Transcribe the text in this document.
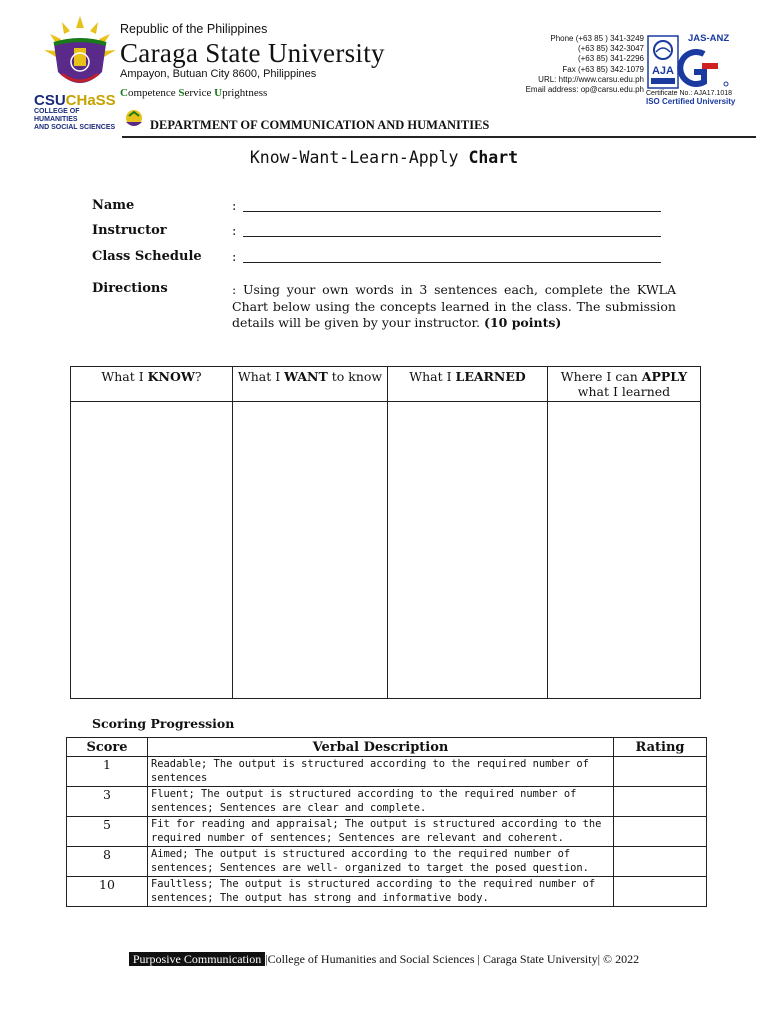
CSUCHaSS
COLLEGE OF HUMANITIES
AND SOCIAL SCIENCES
Republic of the Philippines
Caraga State University
Ampayon, Butuan City 8600, Philippines
Competence Service Uprightness
DEPARTMENT OF COMMUNICATION AND HUMANITIES
Phone (+63 85 ) 341-3249
(+63 85) 342-3047
(+63 85) 341-2296
Fax (+63 85) 342-1079
URL: http://www.carsu.edu.ph
Email address: op@carsu.edu.ph
AJA
JAS-ANZ
Certificate No.: AJA17.1018
ISO Certified University
Know-Want-Learn-Apply Chart
Name	:
Instructor	:
Class Schedule :
Directions	: Using your own words in 3 sentences each, complete the KWLA Chart below using the concepts learned in the class. The submission details will be given by your instructor. (10 points)
What I KNOW?	What I WANT to know	What I LEARNED	Where I can APPLY what I learned

Scoring Progression
Score	Verbal Description	Rating
1	Readable; The output is structured according to the required number of sentences	
3	Fluent; The output is structured according to the required number of sentences; Sentences are clear and complete.	
5	Fit for reading and appraisal; The output is structured according to the required number of sentences; Sentences are relevant and coherent.	
8	Aimed; The output is structured according to the required number of sentences; Sentences are well- organized to target the posed question.	
10	Faultless; The output is structured according to the required number of sentences; The output has strong and informative body.	
Purposive Communication |College of Humanities and Social Sciences | Caraga State University| © 2022
